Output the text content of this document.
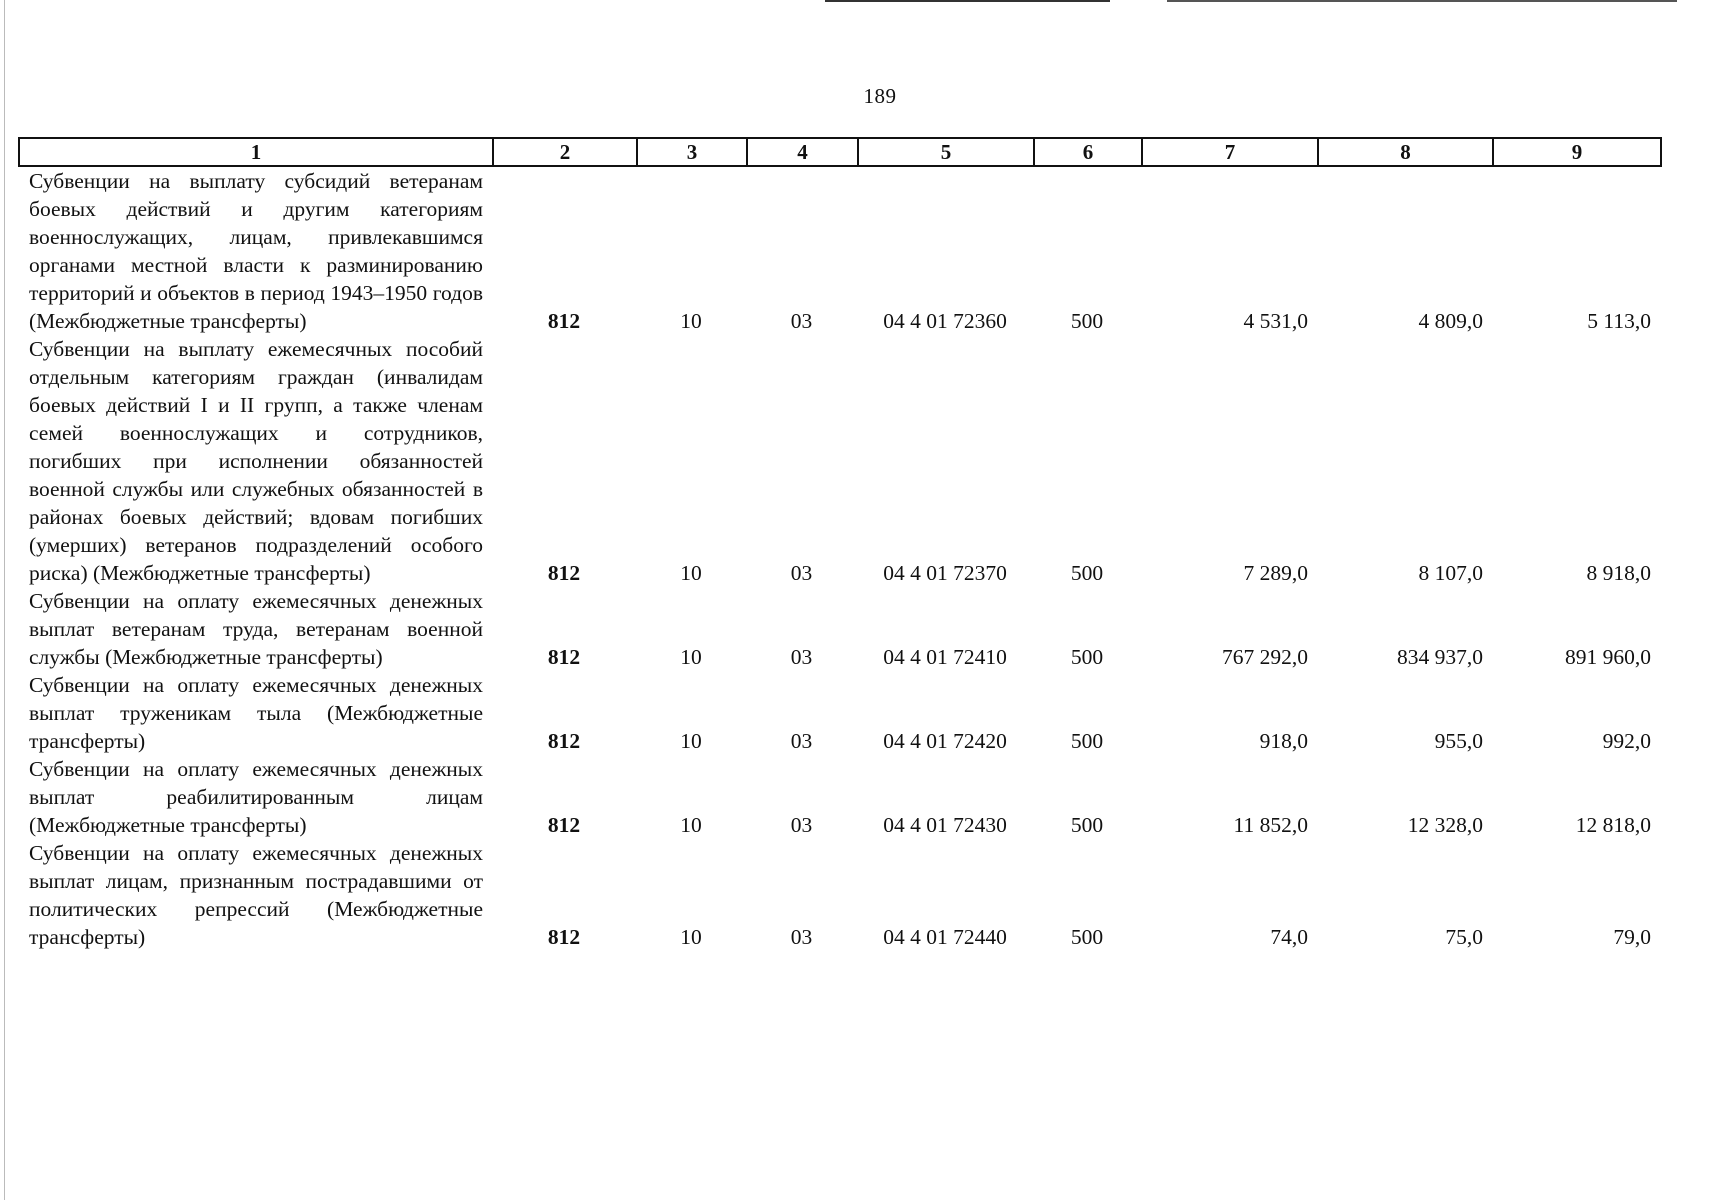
189
1	2	3	4	5	6	7	8	9
Субвенции на выплату субсидий ветеранам боевых действий и другим категориям военнослужащих, лицам, привлекавшимся органами местной власти к разминированию территорий и объектов в период 1943–1950 годов (Межбюджетные трансферты)	812	10	03	04 4 01 72360	500	4 531,0	4 809,0	5 113,0
Субвенции на выплату ежемесячных пособий отдельным категориям граждан (инвалидам боевых действий I и II групп, а также членам семей военнослужащих и сотрудников, погибших при исполнении обязанностей военной службы или служебных обязанностей в районах боевых действий; вдовам погибших (умерших) ветеранов подразделений особого риска) (Межбюджетные трансферты)	812	10	03	04 4 01 72370	500	7 289,0	8 107,0	8 918,0
Субвенции на оплату ежемесячных денежных выплат ветеранам труда, ветеранам военной службы (Межбюджетные трансферты)	812	10	03	04 4 01 72410	500	767 292,0	834 937,0	891 960,0
Субвенции на оплату ежемесячных денежных выплат труженикам тыла (Межбюджетные трансферты)	812	10	03	04 4 01 72420	500	918,0	955,0	992,0
Субвенции на оплату ежемесячных денежных выплат реабилитированным лицам (Межбюджетные трансферты)	812	10	03	04 4 01 72430	500	11 852,0	12 328,0	12 818,0
Субвенции на оплату ежемесячных денежных выплат лицам, признанным пострадавшими от политических репрессий (Межбюджетные трансферты)	812	10	03	04 4 01 72440	500	74,0	75,0	79,0
